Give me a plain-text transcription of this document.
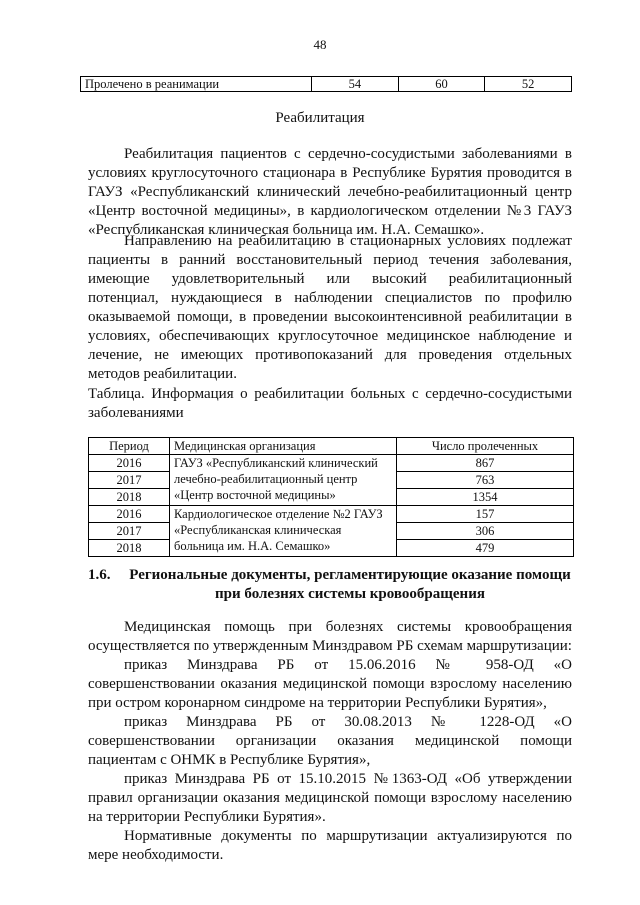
48
Пролечено в реанимации	54	60	52
Реабилитация

Реабилитация пациентов с сердечно-сосудистыми заболеваниями в условиях круглосуточного стационара в Республике Бурятия проводится в ГАУЗ «Республиканский клинический лечебно-реабилитационный центр «Центр восточной медицины», в кардиологическом отделении №3 ГАУЗ «Республиканская клиническая больница им. Н.А. Семашко».

Направлению на реабилитацию в стационарных условиях подлежат пациенты в ранний восстановительный период течения заболевания, имеющие удовлетворительный или высокий реабилитационный потенциал, нуждающиеся в наблюдении специалистов по профилю оказываемой помощи, в проведении высокоинтенсивной реабилитации в условиях, обеспечивающих круглосуточное медицинское наблюдение и лечение, не имеющих противопоказаний для проведения отдельных методов реабилитации.

Таблица. Информация о реабилитации больных с сердечно-сосудистыми заболеваниями

Период	Медицинская организация	Число пролеченных
2016	ГАУЗ «Республиканский клинический лечебно-реабилитационный центр «Центр восточной медицины»	867
2017		763
2018		1354
2016	Кардиологическое отделение №2 ГАУЗ «Республиканская клиническая больница им. Н.А. Семашко»	157
2017		306
2018		479
1.6.	Региональные документы, регламентирующие оказание помощи при болезнях системы кровообращения

Медицинская помощь при болезнях системы кровообращения осуществляется по утвержденным Минздравом РБ схемам маршрутизации:

приказ Минздрава РБ от 15.06.2016 № 958-ОД «О совершенствовании оказания медицинской помощи взрослому населению при остром коронарном синдроме на территории Республики Бурятия»,

приказ Минздрава РБ от 30.08.2013 № 1228-ОД «О совершенствовании организации оказания медицинской помощи пациентам с ОНМК в Республике Бурятия»,

приказ Минздрава РБ от 15.10.2015 №1363-ОД «Об утверждении правил организации оказания медицинской помощи взрослому населению на территории Республики Бурятия».

Нормативные документы по маршрутизации актуализируются по мере необходимости.
